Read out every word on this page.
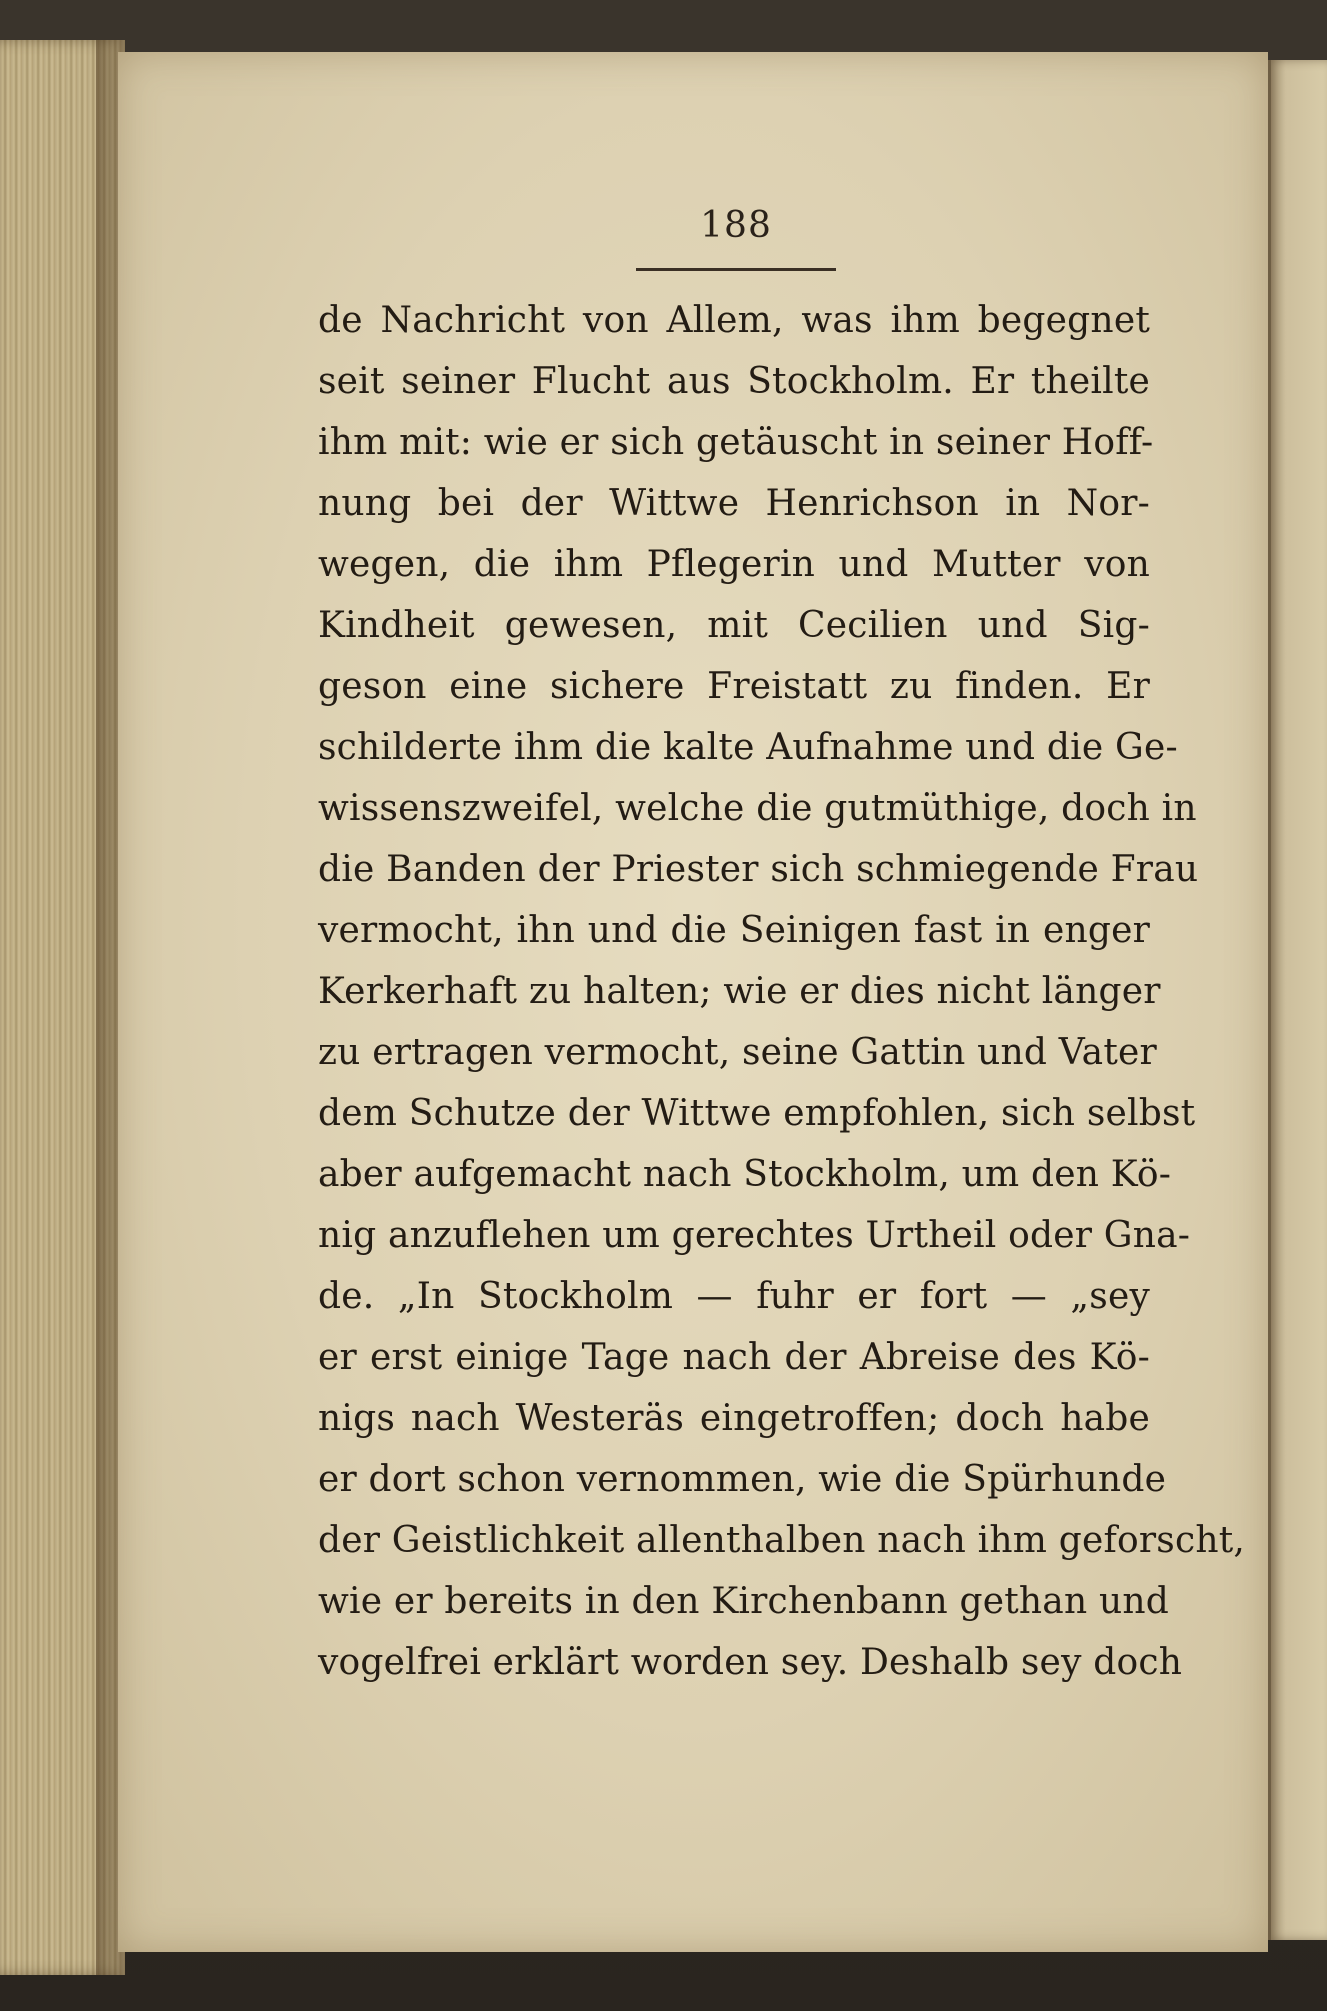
188
de Nachricht von Allem, was ihm begegnet
seit seiner Flucht aus Stockholm. Er theilte
ihm mit: wie er sich getäuscht in seiner Hoff-
nung bei der Wittwe Henrichson in Nor-
wegen, die ihm Pflegerin und Mutter von
Kindheit gewesen, mit Cecilien und Sig-
geson eine sichere Freistatt zu finden. Er
schilderte ihm die kalte Aufnahme und die Ge-
wissenszweifel, welche die gutmüthige, doch in
die Banden der Priester sich schmiegende Frau
vermocht, ihn und die Seinigen fast in enger
Kerkerhaft zu halten; wie er dies nicht länger
zu ertragen vermocht, seine Gattin und Vater
dem Schutze der Wittwe empfohlen, sich selbst
aber aufgemacht nach Stockholm, um den Kö-
nig anzuflehen um gerechtes Urtheil oder Gna-
de. „In Stockholm — fuhr er fort — „sey
er erst einige Tage nach der Abreise des Kö-
nigs nach Westeräs eingetroffen; doch habe
er dort schon vernommen, wie die Spürhunde
der Geistlichkeit allenthalben nach ihm geforscht,
wie er bereits in den Kirchenbann gethan und
vogelfrei erklärt worden sey. Deshalb sey doch
